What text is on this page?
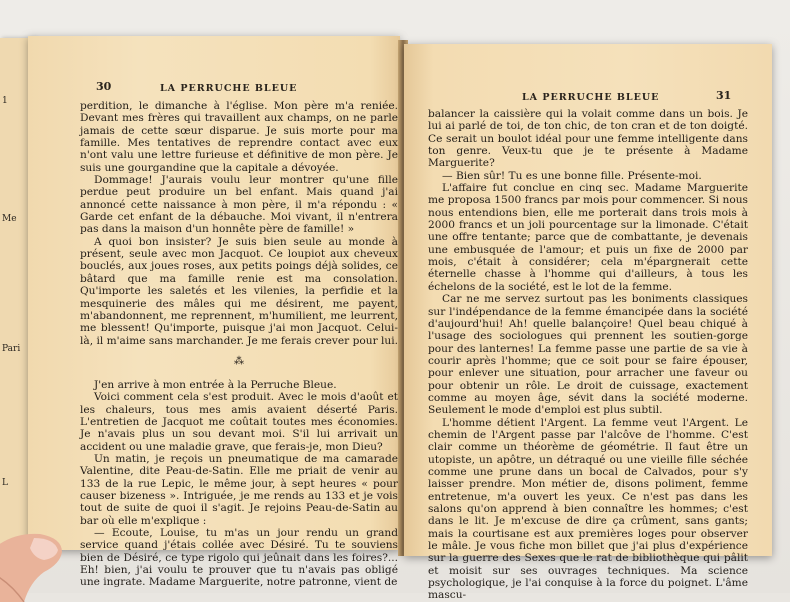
1
Me
Pari
L
30	LA PERRUCHE BLEUE

perdition, le dimanche à l'église. Mon père m'a reniée. Devant mes frères qui travaillent aux champs, on ne parle jamais de cette sœur disparue. Je suis morte pour ma famille. Mes tentatives de reprendre contact avec eux n'ont valu une lettre furieuse et définitive de mon père. Je suis une gourgandine que la capitale a dévoyée.

Dommage! J'aurais voulu leur montrer qu'une fille perdue peut produire un bel enfant. Mais quand j'ai annoncé cette naissance à mon père, il m'a répondu : « Garde cet enfant de la débauche. Moi vivant, il n'entrera pas dans la maison d'un honnête père de famille! »

A quoi bon insister? Je suis bien seule au monde à présent, seule avec mon Jacquot. Ce loupiot aux cheveux bouclés, aux joues roses, aux petits poings déjà solides, ce bâtard que ma famille renie est ma consolation. Qu'importe les saletés et les vilenies, la perfidie et la mesquinerie des mâles qui me désirent, me payent, m'abandonnent, me reprennent, m'humilient, me leurrent, me blessent! Qu'importe, puisque j'ai mon Jacquot. Celui-là, il m'aime sans marchander. Je me ferais crever pour lui.

⁂

J'en arrive à mon entrée à la Perruche Bleue.

Voici comment cela s'est produit. Avec le mois d'août et les chaleurs, tous mes amis avaient déserté Paris. L'entretien de Jacquot me coûtait toutes mes économies. Je n'avais plus un sou devant moi. S'il lui arrivait un accident ou une maladie grave, que ferais-je, mon Dieu?

Un matin, je reçois un pneumatique de ma camarade Valentine, dite Peau-de-Satin. Elle me priait de venir au 133 de la rue Lepic, le même jour, à sept heures « pour causer bizeness ». Intriguée, je me rends au 133 et je vois tout de suite de quoi il s'agit. Je rejoins Peau-de-Satin au bar où elle m'explique :

— Ecoute, Louise, tu m'as un jour rendu un grand service quand j'étais collée avec Désiré. Tu te souviens bien de Désiré, ce type rigolo qui jeûnait dans les foires?... Eh! bien, j'ai voulu te prouver que tu n'avais pas obligé une ingrate. Madame Marguerite, notre patronne, vient de

LA PERRUCHE BLEUE	31

balancer la caissière qui la volait comme dans un bois. Je lui ai parlé de toi, de ton chic, de ton cran et de ton doigté. Ce serait un boulot idéal pour une femme intelligente dans ton genre. Veux-tu que je te présente à Madame Marguerite?

— Bien sûr! Tu es une bonne fille. Présente-moi.

L'affaire fut conclue en cinq sec. Madame Marguerite me proposa 1500 francs par mois pour commencer. Si nous nous entendions bien, elle me porterait dans trois mois à 2000 francs et un joli pourcentage sur la limonade. C'était une offre tentante; parce que de combattante, je devenais une embusquée de l'amour; et puis un fixe de 2000 par mois, c'était à considérer; cela m'épargnerait cette éternelle chasse à l'homme qui d'ailleurs, à tous les échelons de la société, est le lot de la femme.

Car ne me servez surtout pas les boniments classiques sur l'indépendance de la femme émancipée dans la société d'aujourd'hui! Ah! quelle balançoire! Quel beau chiqué à l'usage des sociologues qui prennent les soutien-gorge pour des lanternes! La femme passe une partie de sa vie à courir après l'homme; que ce soit pour se faire épouser, pour enlever une situation, pour arracher une faveur ou pour obtenir un rôle. Le droit de cuissage, exactement comme au moyen âge, sévit dans la société moderne. Seulement le mode d'emploi est plus subtil.

L'homme détient l'Argent. La femme veut l'Argent. Le chemin de l'Argent passe par l'alcôve de l'homme. C'est clair comme un théorème de géométrie. Il faut être un utopiste, un apôtre, un détraqué ou une vieille fille séchée comme une prune dans un bocal de Calvados, pour s'y laisser prendre. Mon métier de, disons poliment, femme entretenue, m'a ouvert les yeux. Ce n'est pas dans les salons qu'on apprend à bien connaître les hommes; c'est dans le lit. Je m'excuse de dire ça crûment, sans gants; mais la courtisane est aux premières loges pour observer le mâle. Je vous fiche mon billet que j'ai plus d'expérience sur la guerre des Sexes que le rat de bibliothèque qui pâlit et moisit sur ses ouvrages techniques. Ma science psychologique, je l'ai conquise à la force du poignet. L'âme mascu-
